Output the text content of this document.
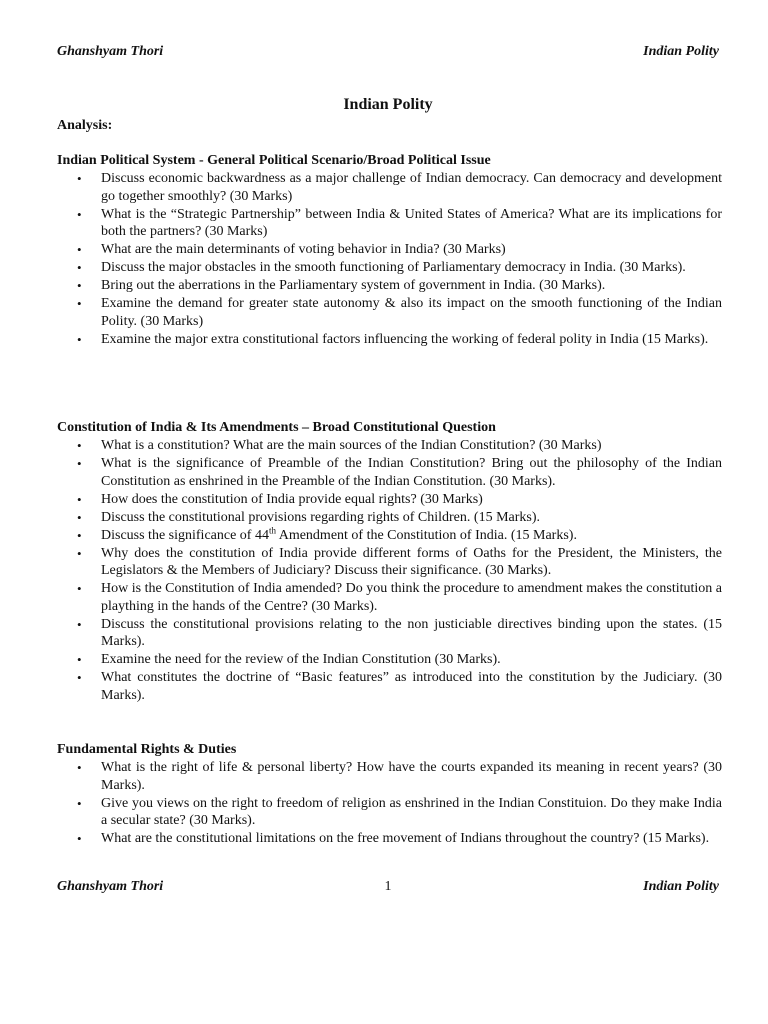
Ghanshyam Thori	Indian Polity
Indian Polity
Analysis:
Indian Political System - General Political Scenario/Broad Political Issue
• Discuss economic backwardness as a major challenge of Indian democracy. Can democracy and development go together smoothly? (30 Marks)
• What is the “Strategic Partnership” between India & United States of America? What are its implications for both the partners? (30 Marks)
• What are the main determinants of voting behavior in India? (30 Marks)
• Discuss the major obstacles in the smooth functioning of Parliamentary democracy in India. (30 Marks).
• Bring out the aberrations in the Parliamentary system of government in India. (30 Marks).
• Examine the demand for greater state autonomy & also its impact on the smooth functioning of the Indian Polity. (30 Marks)
• Examine the major extra constitutional factors influencing the working of federal polity in India (15 Marks).
Constitution of India & Its Amendments – Broad Constitutional Question
• What is a constitution? What are the main sources of the Indian Constitution? (30 Marks)
• What is the significance of Preamble of the Indian Constitution? Bring out the philosophy of the Indian Constitution as enshrined in the Preamble of the Indian Constitution. (30 Marks).
• How does the constitution of India provide equal rights? (30 Marks)
• Discuss the constitutional provisions regarding rights of Children. (15 Marks).
• Discuss the significance of 44th Amendment of the Constitution of India. (15 Marks).
• Why does the constitution of India provide different forms of Oaths for the President, the Ministers, the Legislators & the Members of Judiciary? Discuss their significance. (30 Marks).
• How is the Constitution of India amended? Do you think the procedure to amendment makes the constitution a plaything in the hands of the Centre? (30 Marks).
• Discuss the constitutional provisions relating to the non justiciable directives binding upon the states. (15 Marks).
• Examine the need for the review of the Indian Constitution (30 Marks).
• What constitutes the doctrine of “Basic features” as introduced into the constitution by the Judiciary. (30 Marks).
Fundamental Rights & Duties
• What is the right of life & personal liberty? How have the courts expanded its meaning in recent years? (30 Marks).
• Give you views on the right to freedom of religion as enshrined in the Indian Constituion. Do they make India a secular state? (30 Marks).
• What are the constitutional limitations on the free movement of Indians throughout the country? (15 Marks).
Ghanshyam Thori	1	Indian Polity
